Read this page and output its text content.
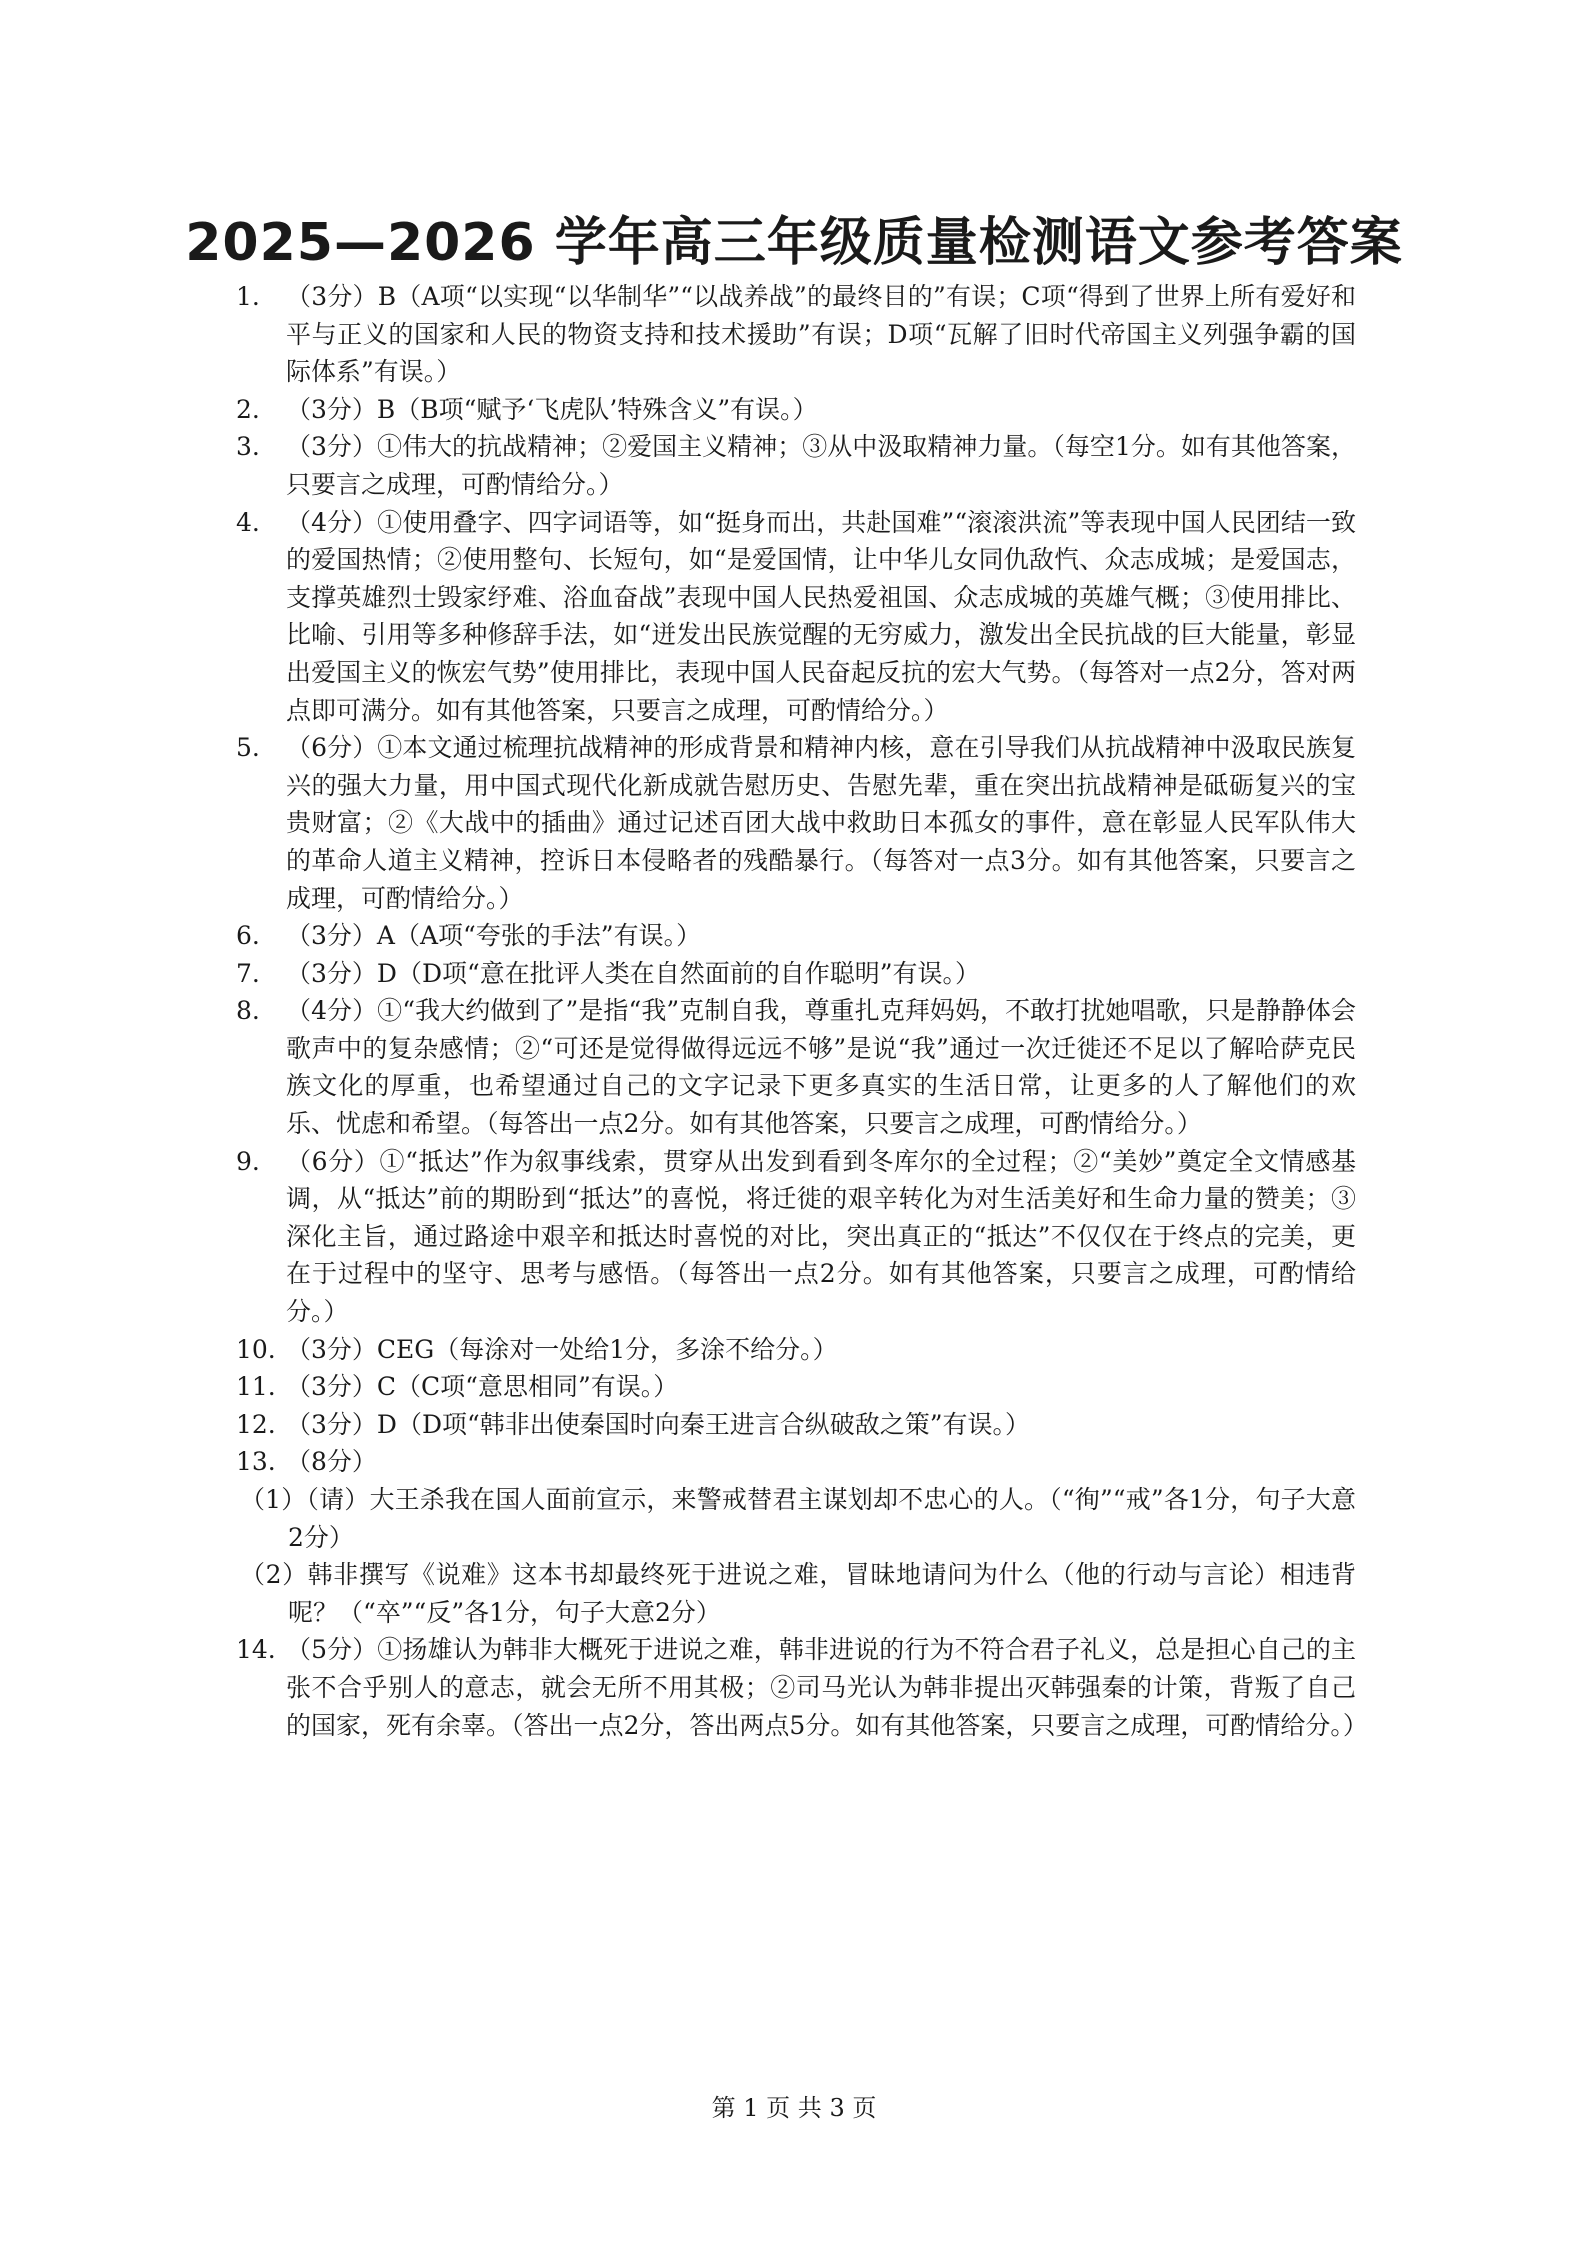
2025—2026 学年高三年级质量检测语文参考答案
1.	（3分）B（A项“以实现“以华制华”“以战养战”的最终目的”有误；C项“得到了世界上所有爱好和平与正义的国家和人民的物资支持和技术援助”有误；D项“瓦解了旧时代帝国主义列强争霸的国际体系”有误。）
2.	（3分）B（B项“赋予‘飞虎队’特殊含义”有误。）
3.	（3分）①伟大的抗战精神；②爱国主义精神；③从中汲取精神力量。（每空1分。如有其他答案，只要言之成理，可酌情给分。）
4.	（4分）①使用叠字、四字词语等，如“挺身而出，共赴国难”“滚滚洪流”等表现中国人民团结一致的爱国热情；②使用整句、长短句，如“是爱国情，让中华儿女同仇敌忾、众志成城；是爱国志，支撑英雄烈士毁家纾难、浴血奋战”表现中国人民热爱祖国、众志成城的英雄气概；③使用排比、比喻、引用等多种修辞手法，如“迸发出民族觉醒的无穷威力，激发出全民抗战的巨大能量，彰显出爱国主义的恢宏气势”使用排比，表现中国人民奋起反抗的宏大气势。（每答对一点2分，答对两点即可满分。如有其他答案，只要言之成理，可酌情给分。）
5.	（6分）①本文通过梳理抗战精神的形成背景和精神内核，意在引导我们从抗战精神中汲取民族复兴的强大力量，用中国式现代化新成就告慰历史、告慰先辈，重在突出抗战精神是砥砺复兴的宝贵财富；②《大战中的插曲》通过记述百团大战中救助日本孤女的事件，意在彰显人民军队伟大的革命人道主义精神，控诉日本侵略者的残酷暴行。（每答对一点3分。如有其他答案，只要言之成理，可酌情给分。）
6.	（3分）A（A项“夸张的手法”有误。）
7.	（3分）D（D项“意在批评人类在自然面前的自作聪明”有误。）
8.	（4分）①“我大约做到了”是指“我”克制自我，尊重扎克拜妈妈，不敢打扰她唱歌，只是静静体会歌声中的复杂感情；②“可还是觉得做得远远不够”是说“我”通过一次迁徙还不足以了解哈萨克民族文化的厚重，也希望通过自己的文字记录下更多真实的生活日常，让更多的人了解他们的欢乐、忧虑和希望。（每答出一点2分。如有其他答案，只要言之成理，可酌情给分。）
9.	（6分）①“抵达”作为叙事线索，贯穿从出发到看到冬库尔的全过程；②“美妙”奠定全文情感基调，从“抵达”前的期盼到“抵达”的喜悦，将迁徙的艰辛转化为对生活美好和生命力量的赞美；③深化主旨，通过路途中艰辛和抵达时喜悦的对比，突出真正的“抵达”不仅仅在于终点的完美，更在于过程中的坚守、思考与感悟。（每答出一点2分。如有其他答案，只要言之成理，可酌情给分。）
10. （3分）CEG（每涂对一处给1分，多涂不给分。）
11. （3分）C（C项“意思相同”有误。）
12. （3分）D（D项“韩非出使秦国时向秦王进言合纵破敌之策”有误。）
13. （8分）
（1）（请）大王杀我在国人面前宣示，来警戒替君主谋划却不忠心的人。（“徇”“戒”各1分，句子大意2分）
（2）韩非撰写《说难》这本书却最终死于进说之难，冒昧地请问为什么（他的行动与言论）相违背呢？（“卒”“反”各1分，句子大意2分）
14. （5分）①扬雄认为韩非大概死于进说之难，韩非进说的行为不符合君子礼义，总是担心自己的主张不合乎别人的意志，就会无所不用其极；②司马光认为韩非提出灭韩强秦的计策，背叛了自己的国家，死有余辜。（答出一点2分，答出两点5分。如有其他答案，只要言之成理，可酌情给分。）
第 1 页 共 3 页
